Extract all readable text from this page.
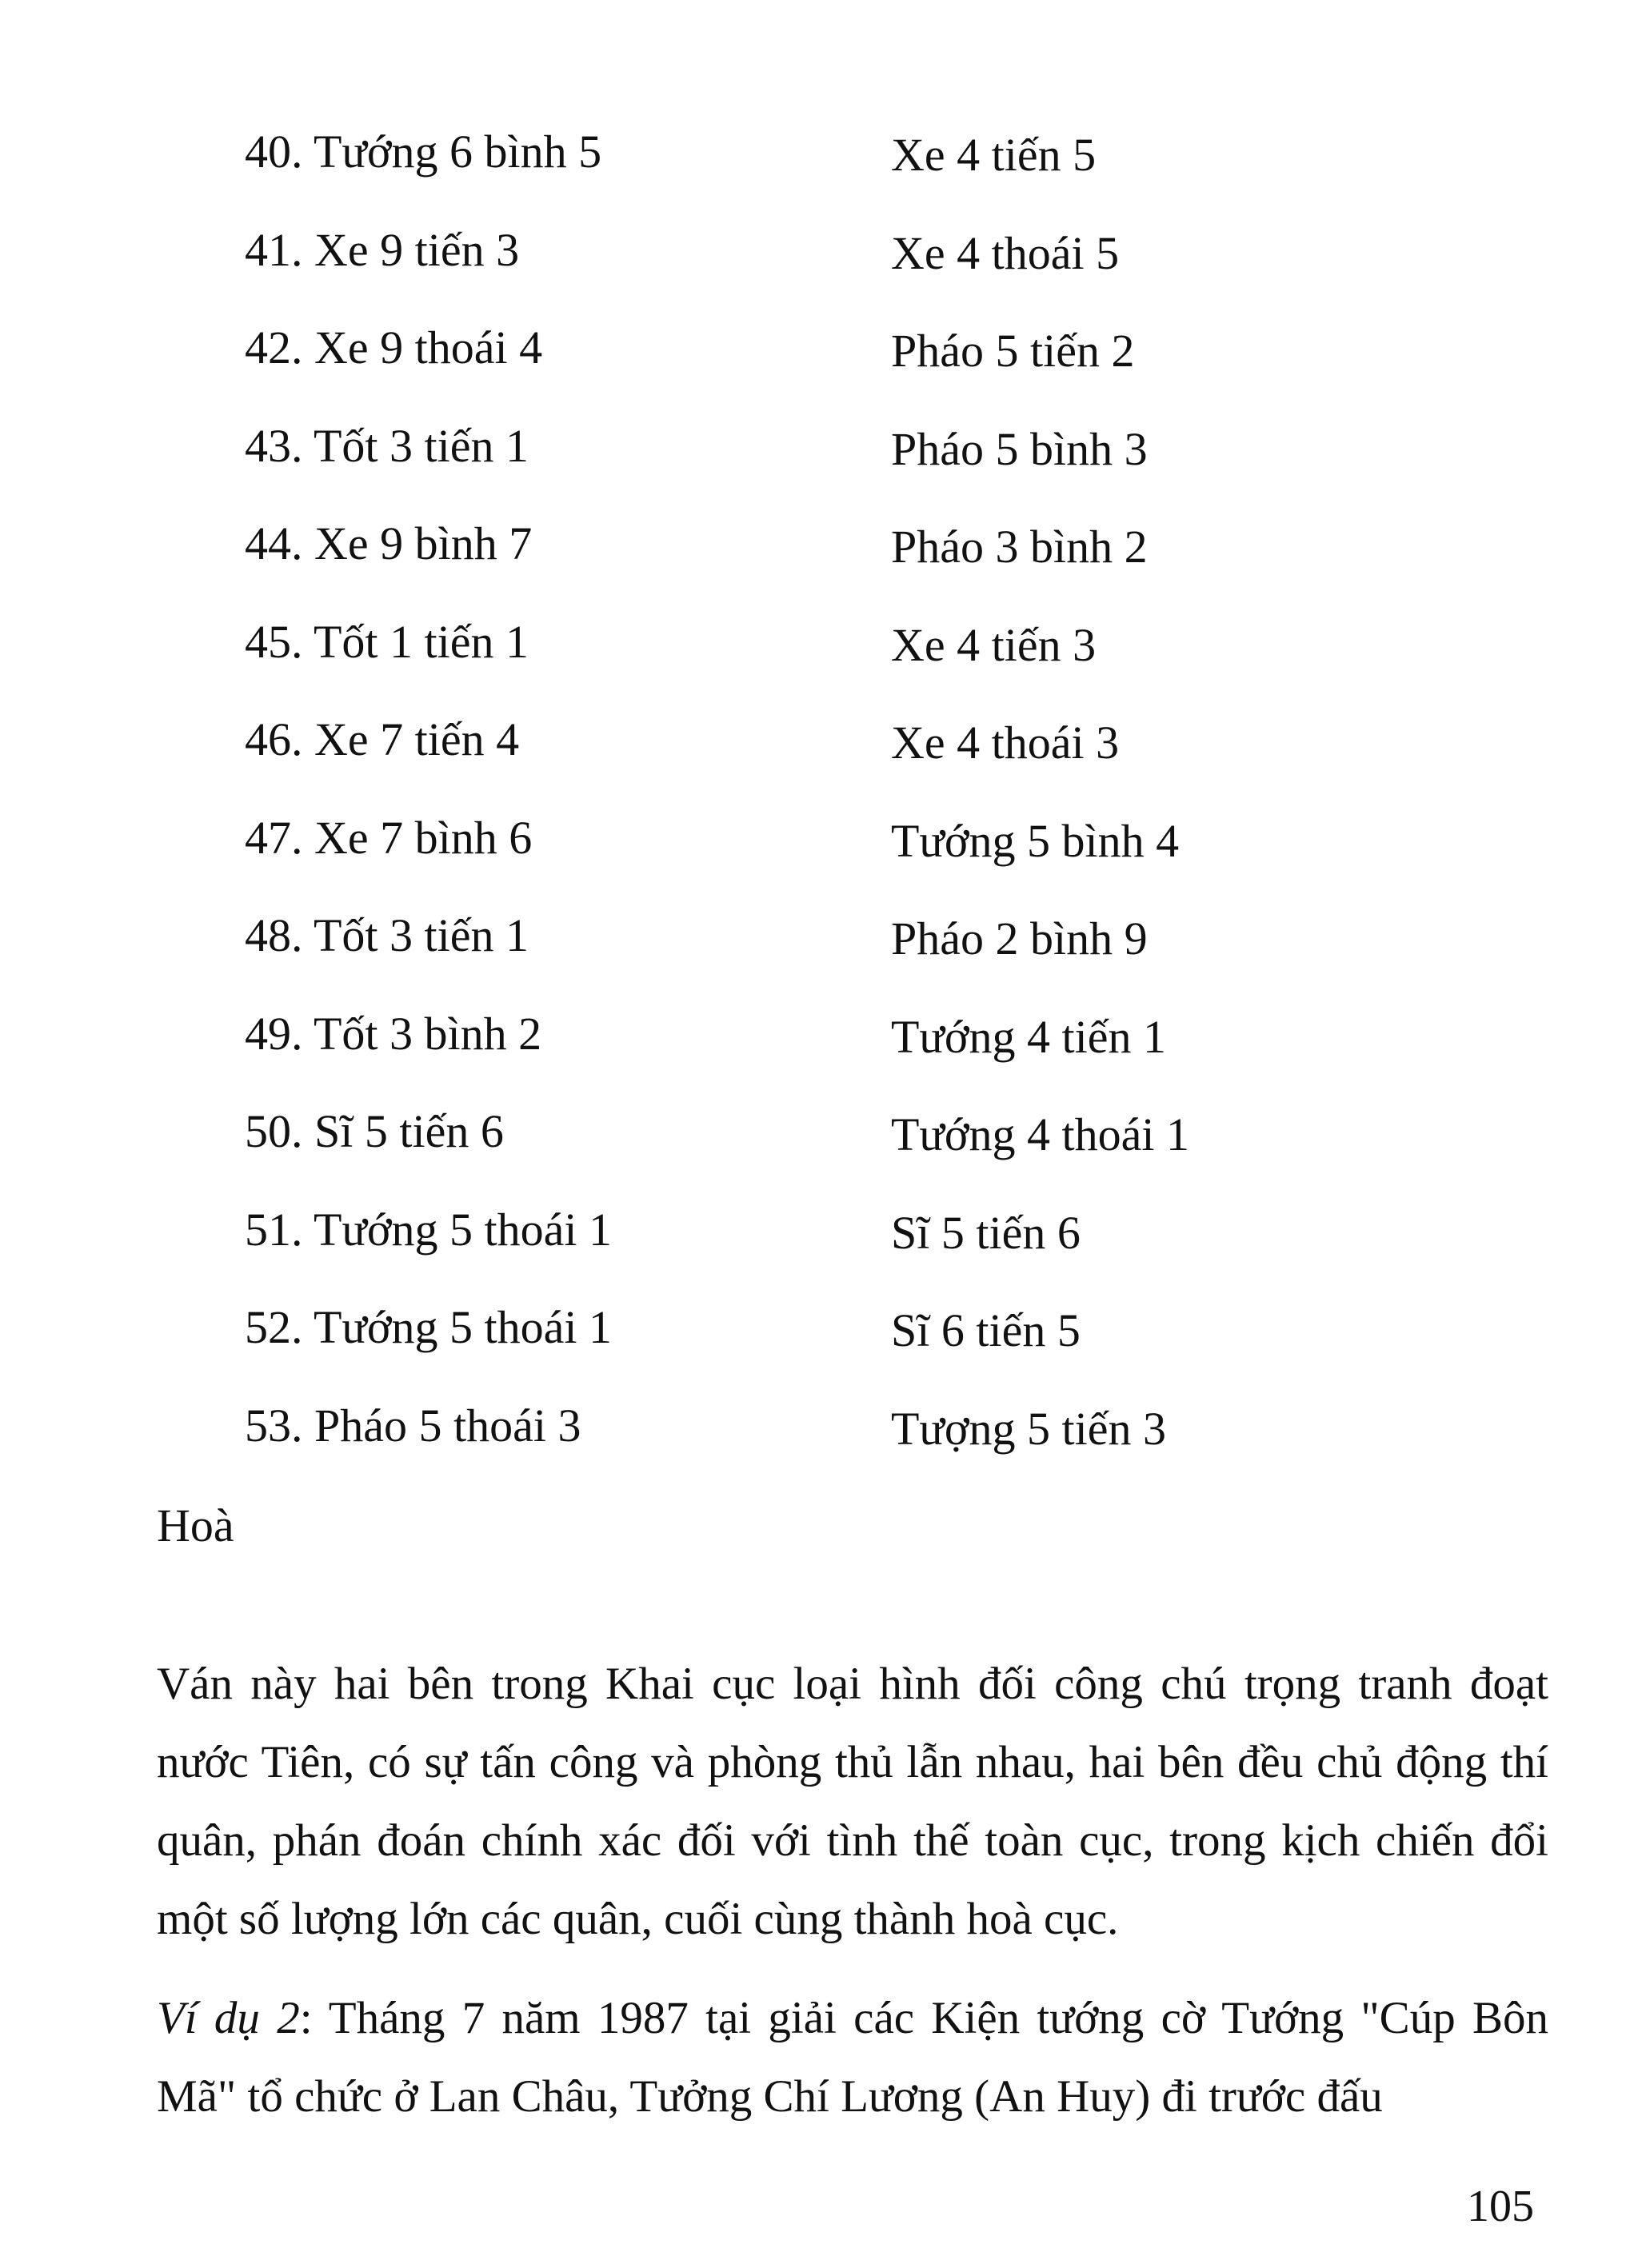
40. Tướng 6 bình 5	Xe 4 tiến 5
41. Xe 9 tiến 3	Xe 4 thoái 5
42. Xe 9 thoái 4	Pháo 5 tiến 2
43. Tốt 3 tiến 1	Pháo 5 bình 3
44. Xe 9 bình 7	Pháo 3 bình 2
45. Tốt 1 tiến 1	Xe 4 tiến 3
46. Xe 7 tiến 4	Xe 4 thoái 3
47. Xe 7 bình 6	Tướng 5 bình 4
48. Tốt 3 tiến 1	Pháo 2 bình 9
49. Tốt 3 bình 2	Tướng 4 tiến 1
50. Sĩ 5 tiến 6	Tướng 4 thoái 1
51. Tướng 5 thoái 1	Sĩ 5 tiến 6
52. Tướng 5 thoái 1	Sĩ 6 tiến 5
53. Pháo 5 thoái 3	Tượng 5 tiến 3
Hoà

Ván này hai bên trong Khai cục loại hình đối công chú trọng tranh đoạt nước Tiên, có sự tấn công và phòng thủ lẫn nhau, hai bên đều chủ động thí quân, phán đoán chính xác đối với tình thế toàn cục, trong kịch chiến đổi một số lượng lớn các quân, cuối cùng thành hoà cục.

Ví dụ 2: Tháng 7 năm 1987 tại giải các Kiện tướng cờ Tướng "Cúp Bôn Mã" tổ chức ở Lan Châu, Tưởng Chí Lương (An Huy) đi trước đấu

105
